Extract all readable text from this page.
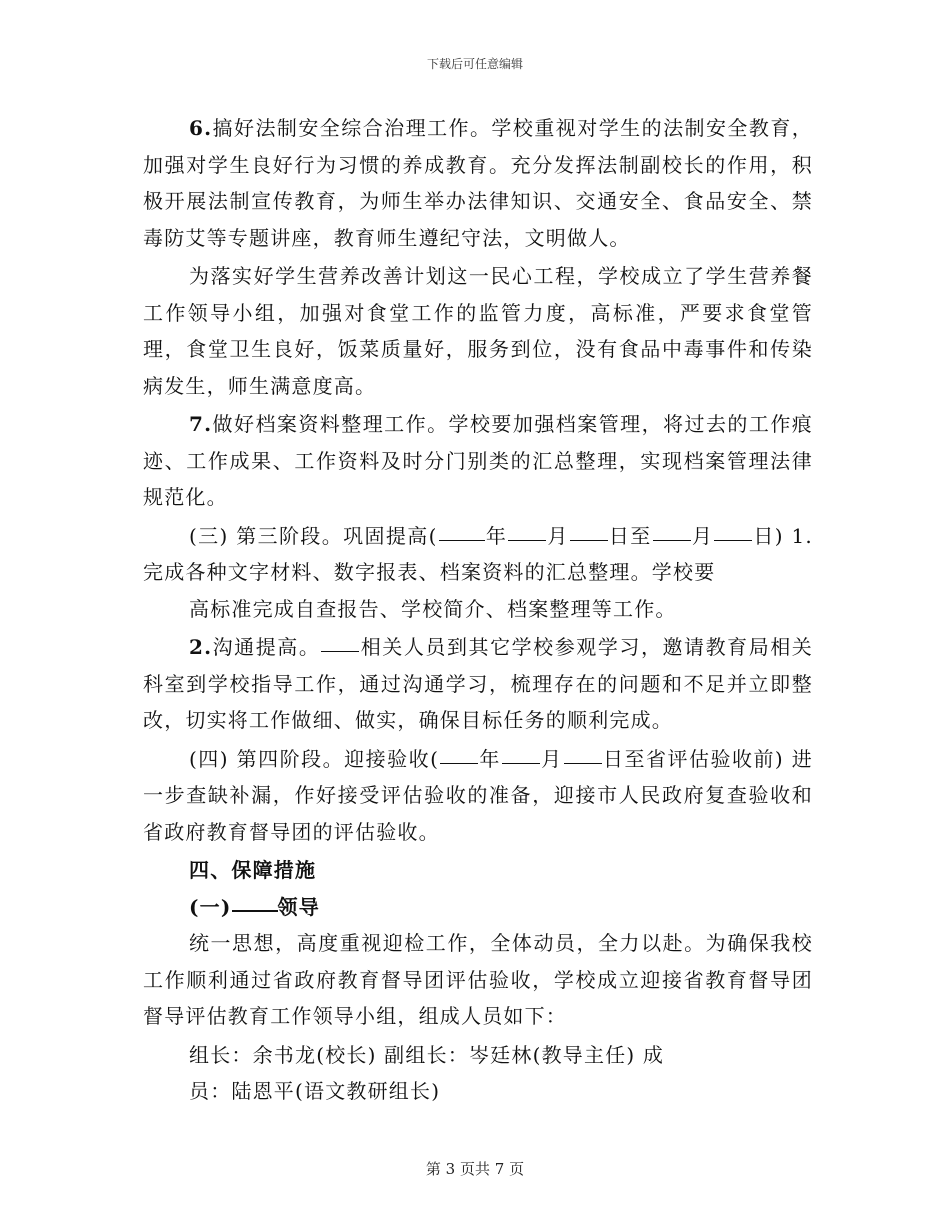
下载后可任意编辑

6.搞好法制安全综合治理工作。学校重视对学生的法制安全教育，加强对学生良好行为习惯的养成教育。充分发挥法制副校长的作用，积极开展法制宣传教育，为师生举办法律知识、交通安全、食品安全、禁毒防艾等专题讲座，教育师生遵纪守法，文明做人。

为落实好学生营养改善计划这一民心工程，学校成立了学生营养餐工作领导小组，加强对食堂工作的监管力度，高标准，严要求食堂管理，食堂卫生良好，饭菜质量好，服务到位，没有食品中毒事件和传染病发生，师生满意度高。

7.做好档案资料整理工作。学校要加强档案管理，将过去的工作痕迹、工作成果、工作资料及时分门别类的汇总整理，实现档案管理法律规范化。

(三) 第三阶段。巩固提高( 年 月 日至 月 日) 1. 完成各种文字材料、数字报表、档案资料的汇总整理。学校要

高标准完成自查报告、学校简介、档案整理等工作。

2.沟通提高。 相关人员到其它学校参观学习，邀请教育局相关科室到学校指导工作，通过沟通学习，梳理存在的问题和不足并立即整改，切实将工作做细、做实，确保目标任务的顺利完成。

(四) 第四阶段。迎接验收( 年 月 日至省评估验收前) 进一步查缺补漏，作好接受评估验收的准备，迎接市人民政府复查验收和省政府教育督导团的评估验收。

四、保障措施

(一) 领导

统一思想，高度重视迎检工作，全体动员，全力以赴。为确保我校工作顺利通过省政府教育督导团评估验收，学校成立迎接省教育督导团督导评估教育工作领导小组，组成人员如下：

组长：余书龙(校长) 副组长：岑廷林(教导主任) 成

员：陆恩平(语文教研组长)

第 3 页共 7 页
